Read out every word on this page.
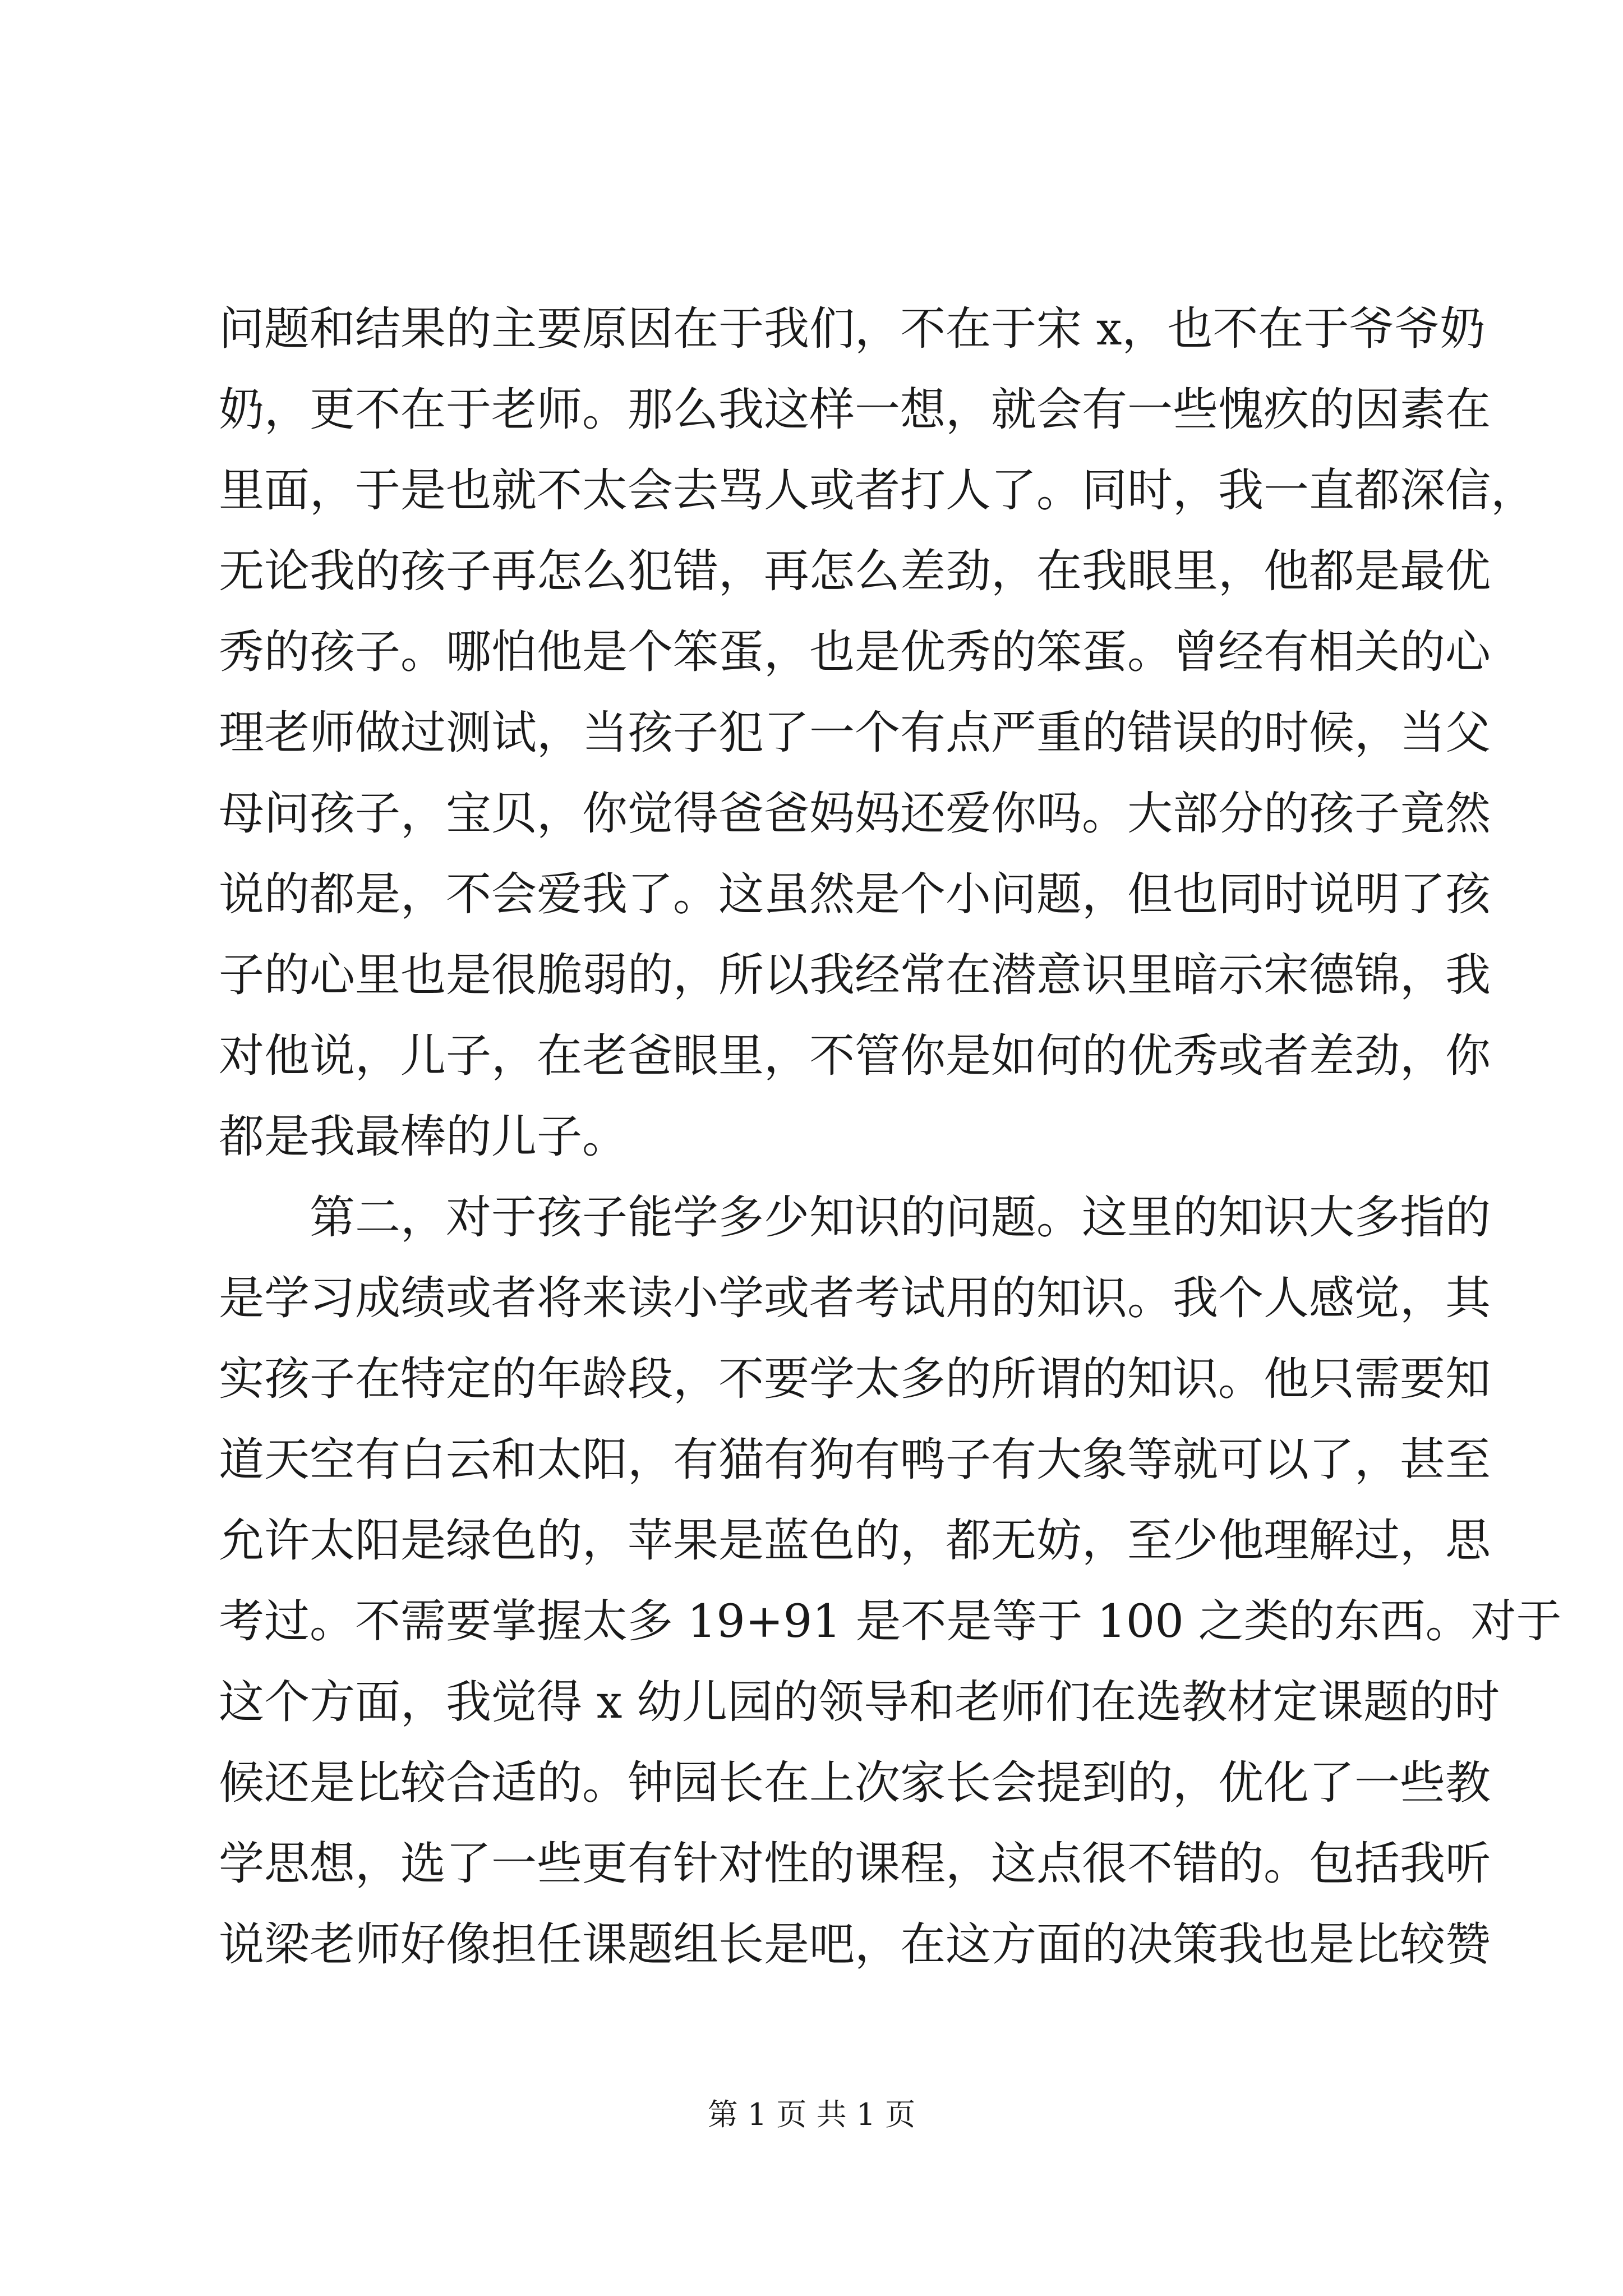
问题和结果的主要原因在于我们，不在于宋 x，也不在于爷爷奶
奶，更不在于老师。那么我这样一想，就会有一些愧疚的因素在
里面，于是也就不太会去骂人或者打人了。同时，我一直都深信，
无论我的孩子再怎么犯错，再怎么差劲，在我眼里，他都是最优
秀的孩子。哪怕他是个笨蛋，也是优秀的笨蛋。曾经有相关的心
理老师做过测试，当孩子犯了一个有点严重的错误的时候，当父
母问孩子，宝贝，你觉得爸爸妈妈还爱你吗。大部分的孩子竟然
说的都是，不会爱我了。这虽然是个小问题，但也同时说明了孩
子的心里也是很脆弱的，所以我经常在潜意识里暗示宋德锦，我
对他说，儿子，在老爸眼里，不管你是如何的优秀或者差劲，你
都是我最棒的儿子。
第二，对于孩子能学多少知识的问题。这里的知识大多指的
是学习成绩或者将来读小学或者考试用的知识。我个人感觉，其
实孩子在特定的年龄段，不要学太多的所谓的知识。他只需要知
道天空有白云和太阳，有猫有狗有鸭子有大象等就可以了，甚至
允许太阳是绿色的，苹果是蓝色的，都无妨，至少他理解过，思
考过。不需要掌握太多 19+91 是不是等于 100 之类的东西。对于
这个方面，我觉得 x 幼儿园的领导和老师们在选教材定课题的时
候还是比较合适的。钟园长在上次家长会提到的，优化了一些教
学思想，选了一些更有针对性的课程，这点很不错的。包括我听
说梁老师好像担任课题组长是吧，在这方面的决策我也是比较赞
第 1 页 共 1 页
